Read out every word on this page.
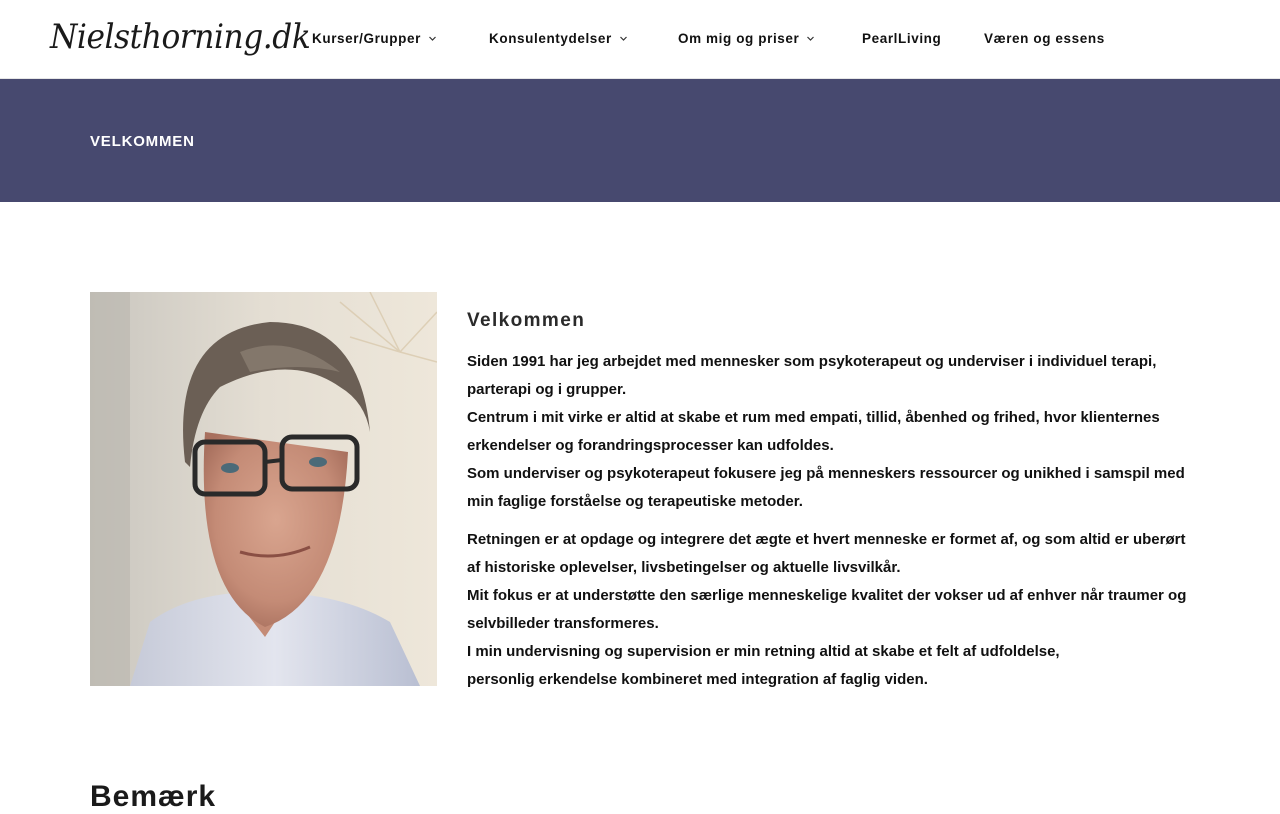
Nielsthorning.dk Kurser/Grupper	Konsulentydelser	Om mig og priser	PearlLiving	Væren og essens
VELKOMMEN
Velkommen

Siden 1991 har jeg arbejdet med mennesker som psykoterapeut og underviser i individuel terapi, parterapi og i grupper.
Centrum i mit virke er altid at skabe et rum med empati, tillid, åbenhed og frihed, hvor klienternes erkendelser og forandringsprocesser kan udfoldes.
Som underviser og psykoterapeut fokusere jeg på menneskers ressourcer og unikhed i samspil med min faglige forståelse og terapeutiske metoder.

Retningen er at opdage og integrere det ægte et hvert menneske er formet af, og som altid er uberørt af historiske oplevelser, livsbetingelser og aktuelle livsvilkår.
Mit fokus er at understøtte den særlige menneskelige kvalitet der vokser ud af enhver når traumer og selvbilleder transformeres.
I min undervisning og supervision er min retning altid at skabe et felt af udfoldelse,
personlig erkendelse kombineret med integration af faglig viden.

Bemærk
